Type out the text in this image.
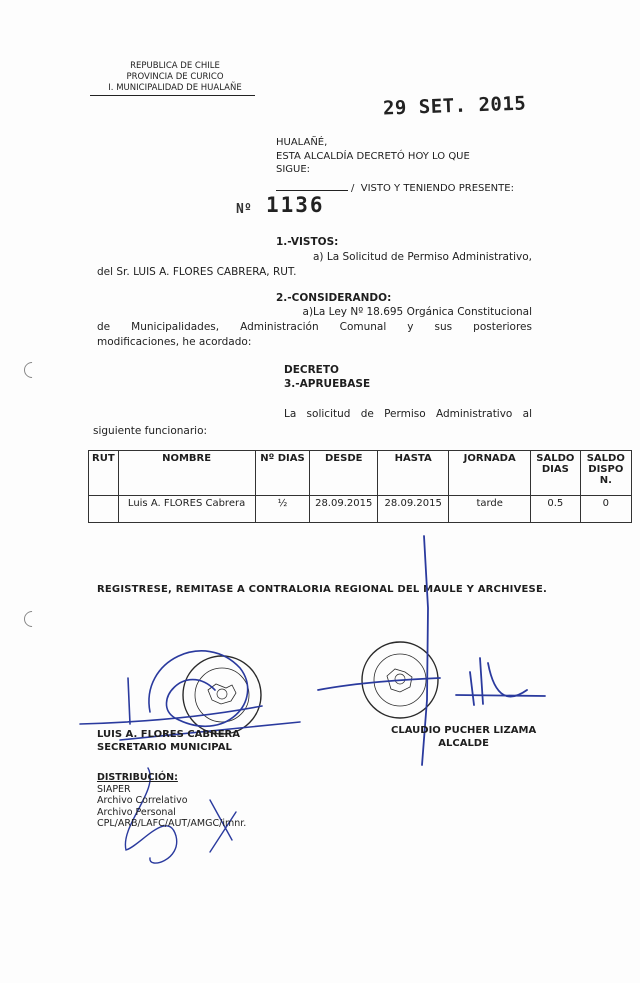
REPUBLICA DE CHILE
PROVINCIA DE CURICO
I. MUNICIPALIDAD DE HUALAÑE
29 SET. 2015
HUALAÑÉ,
ESTA ALCALDÍA DECRETÓ HOY LO QUE
SIGUE:
/  VISTO Y TENIENDO PRESENTE:
Nº 1136
1.-VISTOS:
a) La Solicitud de Permiso Administrativo,
del Sr. LUIS A. FLORES CABRERA, RUT.
2.-CONSIDERANDO:
a)La Ley Nº 18.695 Orgánica Constitucional
de Municipalidades, Administración Comunal y sus posteriores
modificaciones, he acordado:
DECRETO
3.-APRUEBASE
La solicitud de Permiso Administrativo al
siguiente funcionario:
RUT	NOMBRE	Nº DIAS	DESDE	HASTA	JORNADA	SALDO DIAS	SALDO DISPO N.
	Luis A. FLORES Cabrera	½	28.09.2015	28.09.2015	tarde	0.5	0
REGISTRESE, REMITASE A CONTRALORIA REGIONAL DEL MAULE Y ARCHIVESE.
LUIS A. FLORES CABRERA
SECRETARIO MUNICIPAL
CLAUDIO PUCHER LIZAMA
ALCALDE
DISTRIBUCIÓN:
SIAPER
Archivo Correlativo
Archivo Personal
CPL/ARB/LAFC/AUT/AMGC/imnr.
